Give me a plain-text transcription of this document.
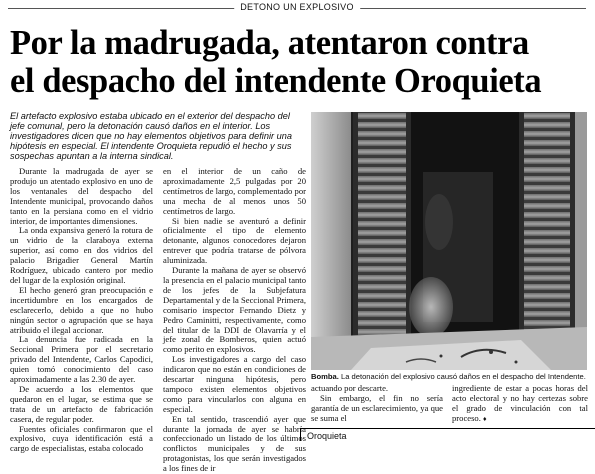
DETONO UN EXPLOSIVO
Por la madrugada, atentaron contra
el despacho del intendente Oroquieta

El artefacto explosivo estaba ubicado en el exterior del despacho del jefe comunal, pero la detonación causó daños en el interior. Los investigadores dicen que no hay elementos objetivos para definir una hipótesis en especial. El intendente Oroquieta repudió el hecho y sus sospechas apuntan a la interna sindical.

Durante la madrugada de ayer se produjo un atentado explosivo en uno de los ventanales del despacho del Intendente municipal, provocando daños tanto en la persiana como en el vidrio interior, de importantes dimensiones.

La onda expansiva generó la rotura de un vidrio de la claraboya externa superior, así como en dos vidrios del palacio Brigadier General Martín Rodríguez, ubicado cantero por medio del lugar de la explosión original.

El hecho generó gran preocupación e incertidumbre en los encargados de esclarecerlo, debido a que no hubo ningún sector o agrupación que se haya atribuido el ilegal accionar.

La denuncia fue radicada en la Seccional Primera por el secretario privado del Intendente, Carlos Capodici, quien tomó conocimiento del caso aproximadamente a las 2.30 de ayer.

De acuerdo a los elementos que quedaron en el lugar, se estima que se trata de un artefacto de fabricación casera, de regular poder.

Fuentes oficiales confirmaron que el explosivo, cuya identificación está a cargo de especialistas, estaba colocado

en el interior de un caño de aproximadamente 2,5 pulgadas por 20 centímetros de largo, complementado por una mecha de al menos unos 50 centímetros de largo.

Si bien nadie se aventuró a definir oficialmente el tipo de elemento detonante, algunos conocedores dejaron entrever que podría tratarse de pólvora aluminizada.

Durante la mañana de ayer se observó la presencia en el palacio municipal tanto de los jefes de la Subjefatura Departamental y de la Seccional Primera, comisario inspector Fernando Dietz y Pedro Caminitti, respectivamente, como del titular de la DDI de Olavarría y el jefe zonal de Bomberos, quien actuó como perito en explosivos.

Los investigadores a cargo del caso indicaron que no están en condiciones de descartar ninguna hipótesis, pero tampoco existen elementos objetivos como para vincularlos con alguna en especial.

En tal sentido, trascendió ayer que durante la jornada de ayer se habría confeccionado un listado de los últimos conflictos municipales y de sus protagonistas, los que serán investigados a los fines de ir

Bomba. La detonación del explosivo causó daños en el despacho del Intendente.

actuando por descarte.

Sin embargo, el fin no sería garantía de un esclarecimiento, ya que se suma el

ingrediente de estar a pocas horas del acto electoral y no hay certezas sobre el grado de vinculación con tal proceso. ♦

Oroquieta
